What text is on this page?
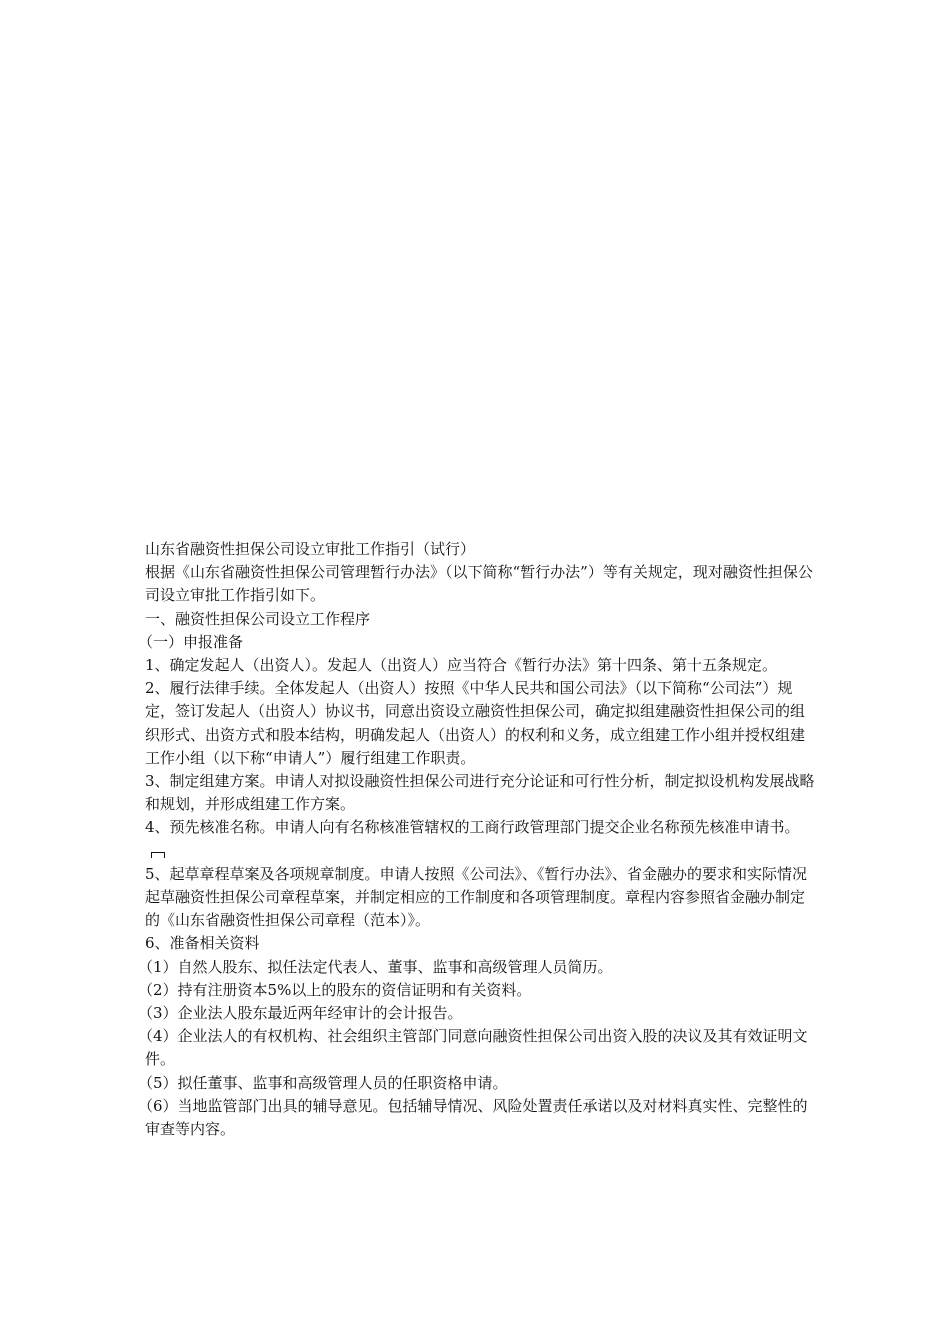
山东省融资性担保公司设立审批工作指引（试行）

根据《山东省融资性担保公司管理暂行办法》（以下简称“暂行办法”）等有关规定，现对融资性担保公司设立审批工作指引如下。

一、融资性担保公司设立工作程序

（一）申报准备

1、确定发起人（出资人）。发起人（出资人）应当符合《暂行办法》第十四条、第十五条规定。

2、履行法律手续。全体发起人（出资人）按照《中华人民共和国公司法》（以下简称“公司法”）规定，签订发起人（出资人）协议书，同意出资设立融资性担保公司，确定拟组建融资性担保公司的组织形式、出资方式和股本结构，明确发起人（出资人）的权利和义务，成立组建工作小组并授权组建工作小组（以下称“申请人”）履行组建工作职责。

3、制定组建方案。申请人对拟设融资性担保公司进行充分论证和可行性分析，制定拟设机构发展战略和规划，并形成组建工作方案。

4、预先核准名称。申请人向有名称核准管辖权的工商行政管理部门提交企业名称预先核准申请书。

5、起草章程草案及各项规章制度。申请人按照《公司法》、《暂行办法》、省金融办的要求和实际情况起草融资性担保公司章程草案，并制定相应的工作制度和各项管理制度。章程内容参照省金融办制定的《山东省融资性担保公司章程（范本）》。

6、准备相关资料

（1）自然人股东、拟任法定代表人、董事、监事和高级管理人员简历。

（2）持有注册资本5%以上的股东的资信证明和有关资料。

（3）企业法人股东最近两年经审计的会计报告。

（4）企业法人的有权机构、社会组织主管部门同意向融资性担保公司出资入股的决议及其有效证明文件。

（5）拟任董事、监事和高级管理人员的任职资格申请。

（6）当地监管部门出具的辅导意见。包括辅导情况、风险处置责任承诺以及对材料真实性、完整性的审查等内容。
